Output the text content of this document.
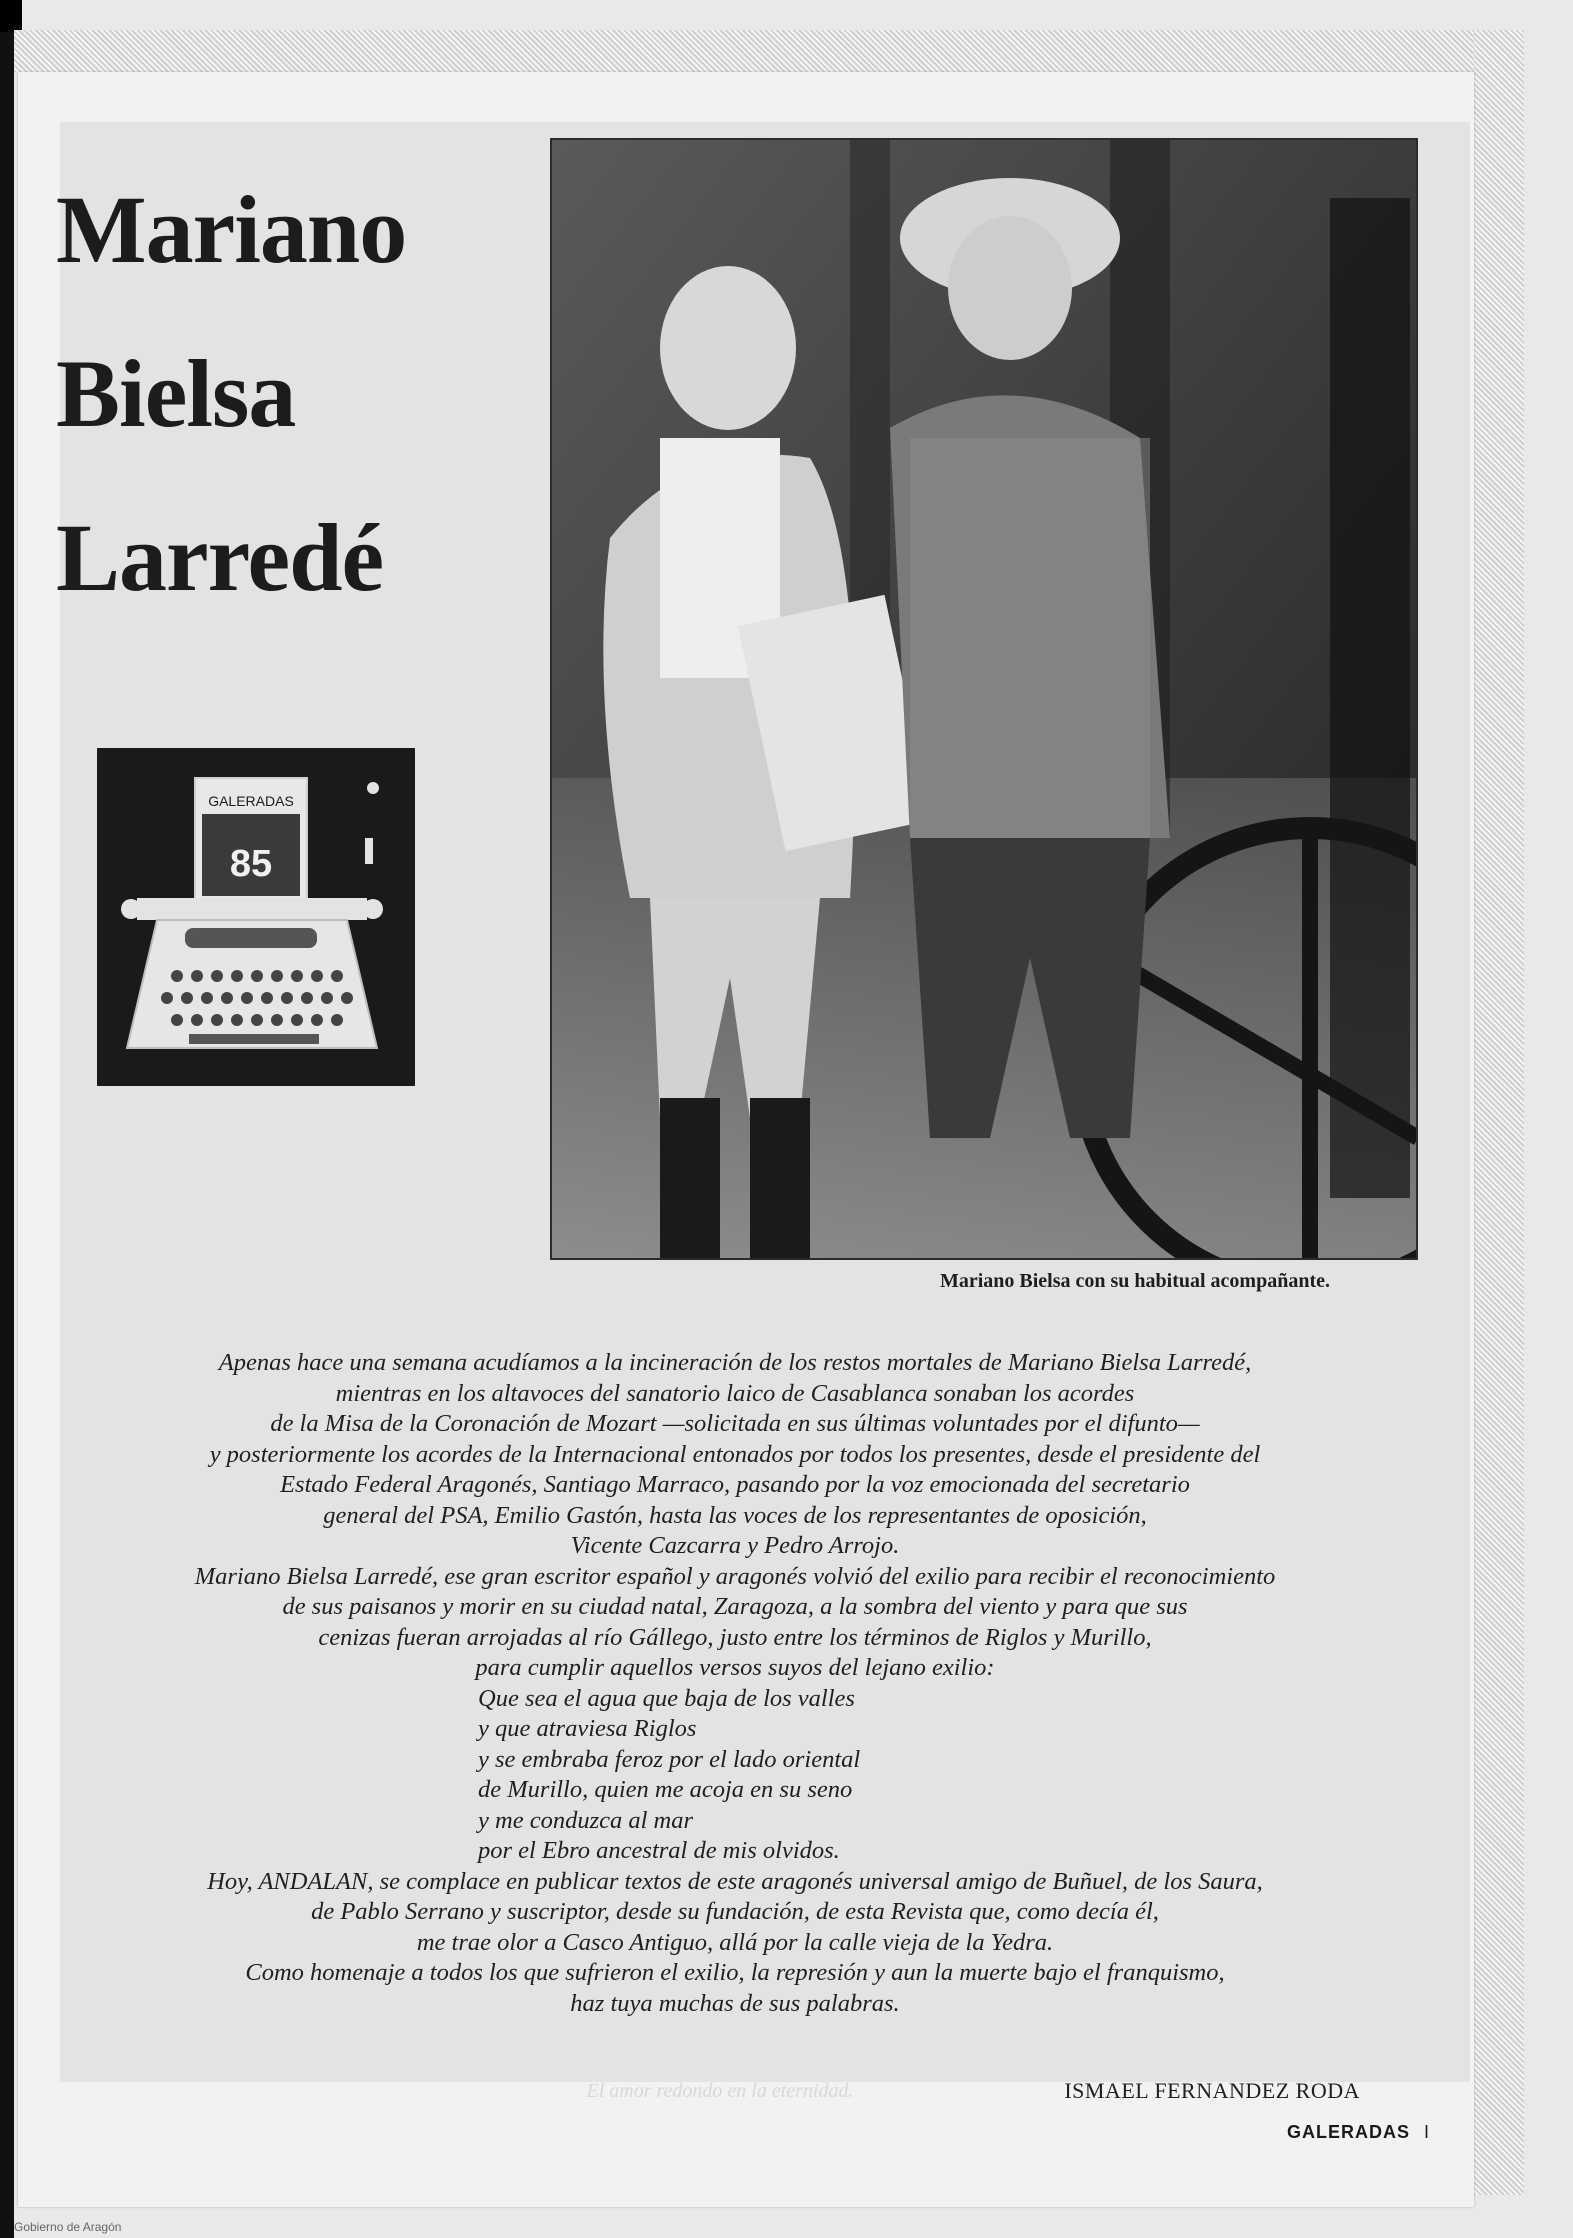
Mariano
Bielsa
Larredé
GALERADAS
85
Mariano Bielsa con su habitual acompañante.
Apenas hace una semana acudíamos a la incineración de los restos mortales de Mariano Bielsa Larredé,
mientras en los altavoces del sanatorio laico de Casablanca sonaban los acordes
de la Misa de la Coronación de Mozart —solicitada en sus últimas voluntades por el difunto—
y posteriormente los acordes de la Internacional entonados por todos los presentes, desde el presidente del
Estado Federal Aragonés, Santiago Marraco, pasando por la voz emocionada del secretario
general del PSA, Emilio Gastón, hasta las voces de los representantes de oposición,
Vicente Cazcarra y Pedro Arrojo.
Mariano Bielsa Larredé, ese gran escritor español y aragonés volvió del exilio para recibir el reconocimiento
de sus paisanos y morir en su ciudad natal, Zaragoza, a la sombra del viento y para que sus
cenizas fueran arrojadas al río Gállego, justo entre los términos de Riglos y Murillo,
para cumplir aquellos versos suyos del lejano exilio:
Que sea el agua que baja de los valles
y que atraviesa Riglos
y se embraba feroz por el lado oriental
de Murillo, quien me acoja en su seno
y me conduzca al mar
por el Ebro ancestral de mis olvidos.
Hoy, ANDALAN, se complace en publicar textos de este aragonés universal amigo de Buñuel, de los Saura,
de Pablo Serrano y suscriptor, desde su fundación, de esta Revista que, como decía él,
me trae olor a Casco Antiguo, allá por la calle vieja de la Yedra.
Como homenaje a todos los que sufrieron el exilio, la represión y aun la muerte bajo el franquismo,
haz tuya muchas de sus palabras.
El amor redondo en la eternidad.	ISMAEL FERNANDEZ RODA
GALERADAS I
Gobierno de Aragón
